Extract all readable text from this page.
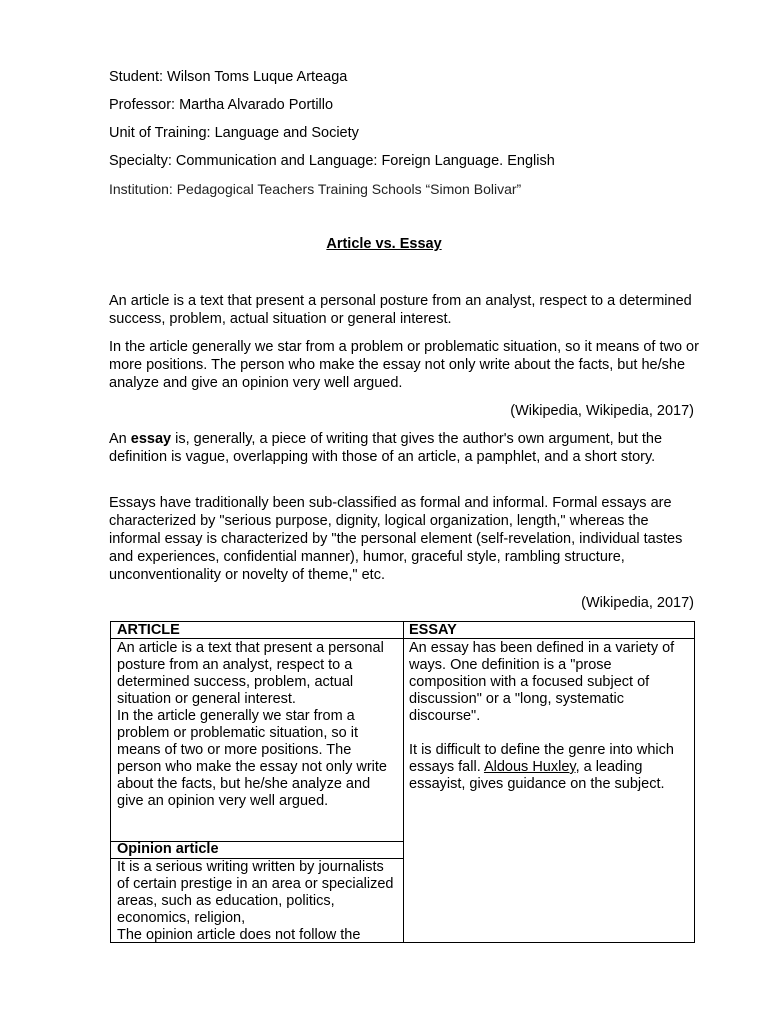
Student: Wilson Toms Luque Arteaga
Professor: Martha Alvarado Portillo
Unit of Training: Language and Society
Specialty: Communication and Language: Foreign Language. English
Institution: Pedagogical Teachers Training Schools “Simon Bolivar”
Article vs. Essay
An article is a text that present a personal posture from an analyst, respect to a determined success, problem, actual situation or general interest.
In the article generally we star from a problem or problematic situation, so it means of two or more positions. The person who make the essay not only write about the facts, but he/she analyze and give an opinion very well argued.
(Wikipedia, Wikipedia, 2017)
An essay is, generally, a piece of writing that gives the author's own argument, but the definition is vague, overlapping with those of an article, a pamphlet, and a short story.
Essays have traditionally been sub-classified as formal and informal. Formal essays are characterized by "serious purpose, dignity, logical organization, length," whereas the informal essay is characterized by "the personal element (self-revelation, individual tastes and experiences, confidential manner), humor, graceful style, rambling structure, unconventionality or novelty of theme," etc.
(Wikipedia, 2017)
ARTICLE	ESSAY
An article is a text that present a personal posture from an analyst, respect to a determined success, problem, actual situation or general interest.
In the article generally we star from a problem or problematic situation, so it means of two or more positions. The person who make the essay not only write about the facts, but he/she analyze and give an opinion very well argued.
Opinion article
It is a serious writing written by journalists of certain prestige in an area or specialized areas, such as education, politics, economics, religion,
The opinion article does not follow the
An essay has been defined in a variety of ways. One definition is a "prose composition with a focused subject of discussion" or a "long, systematic discourse".
It is difficult to define the genre into which essays fall. Aldous Huxley, a leading essayist, gives guidance on the subject.
